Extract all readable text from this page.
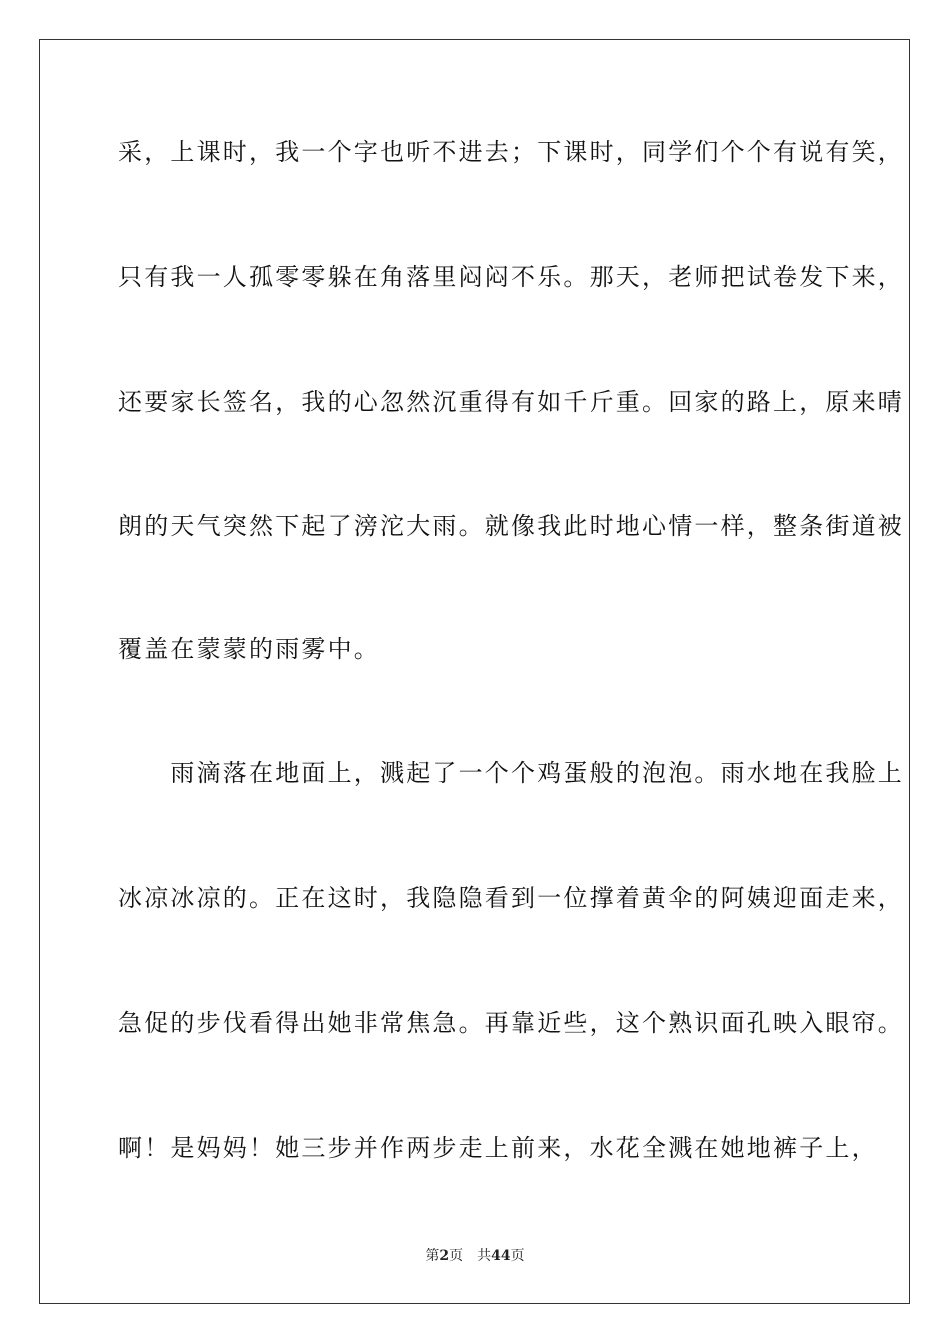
采，上课时，我一个字也听不进去；下课时，同学们个个有说有笑，
只有我一人孤零零躲在角落里闷闷不乐。那天，老师把试卷发下来，
还要家长签名，我的心忽然沉重得有如千斤重。回家的路上，原来晴
朗的天气突然下起了滂沱大雨。就像我此时地心情一样，整条街道被
覆盖在蒙蒙的雨雾中。
　　雨滴落在地面上，溅起了一个个鸡蛋般的泡泡。雨水地在我脸上
冰凉冰凉的。正在这时，我隐隐看到一位撑着黄伞的阿姨迎面走来，
急促的步伐看得出她非常焦急。再靠近些，这个熟识面孔映入眼帘。
啊！是妈妈！她三步并作两步走上前来，水花全溅在她地裤子上，
第2页 共44页
